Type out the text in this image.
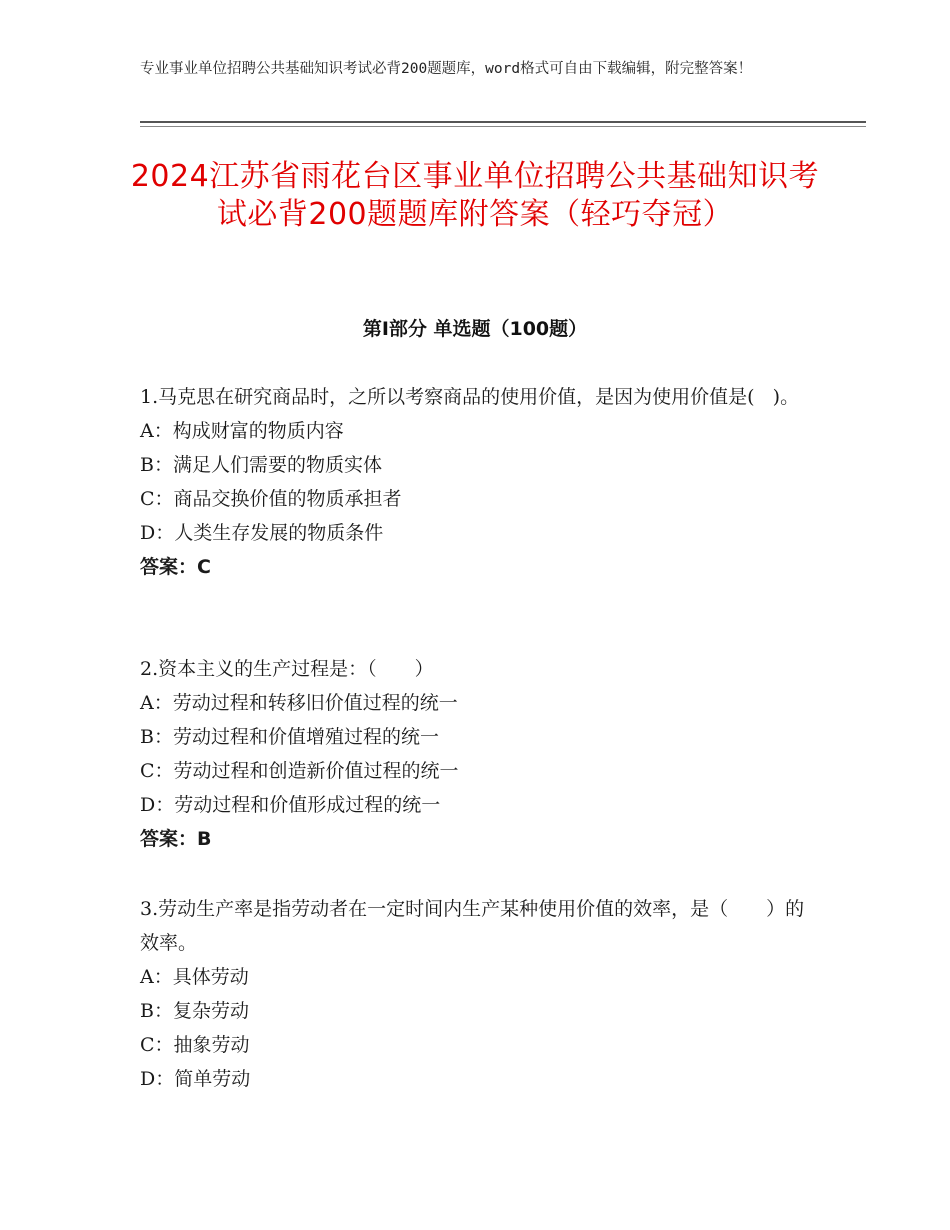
专业事业单位招聘公共基础知识考试必背200题题库，word格式可自由下载编辑，附完整答案！
2024江苏省雨花台区事业单位招聘公共基础知识考试必背200题题库附答案（轻巧夺冠）
第Ⅰ部分 单选题（100题）

1.马克思在研究商品时，之所以考察商品的使用价值，是因为使用价值是(   )。

A：构成财富的物质内容

B：满足人们需要的物质实体

C：商品交换价值的物质承担者

D：人类生存发展的物质条件

答案：C

2.资本主义的生产过程是：（　　）

A：劳动过程和转移旧价值过程的统一

B：劳动过程和价值增殖过程的统一

C：劳动过程和创造新价值过程的统一

D：劳动过程和价值形成过程的统一

答案：B

3.劳动生产率是指劳动者在一定时间内生产某种使用价值的效率，是（　　）的效率。

A：具体劳动

B：复杂劳动

C：抽象劳动

D：简单劳动
